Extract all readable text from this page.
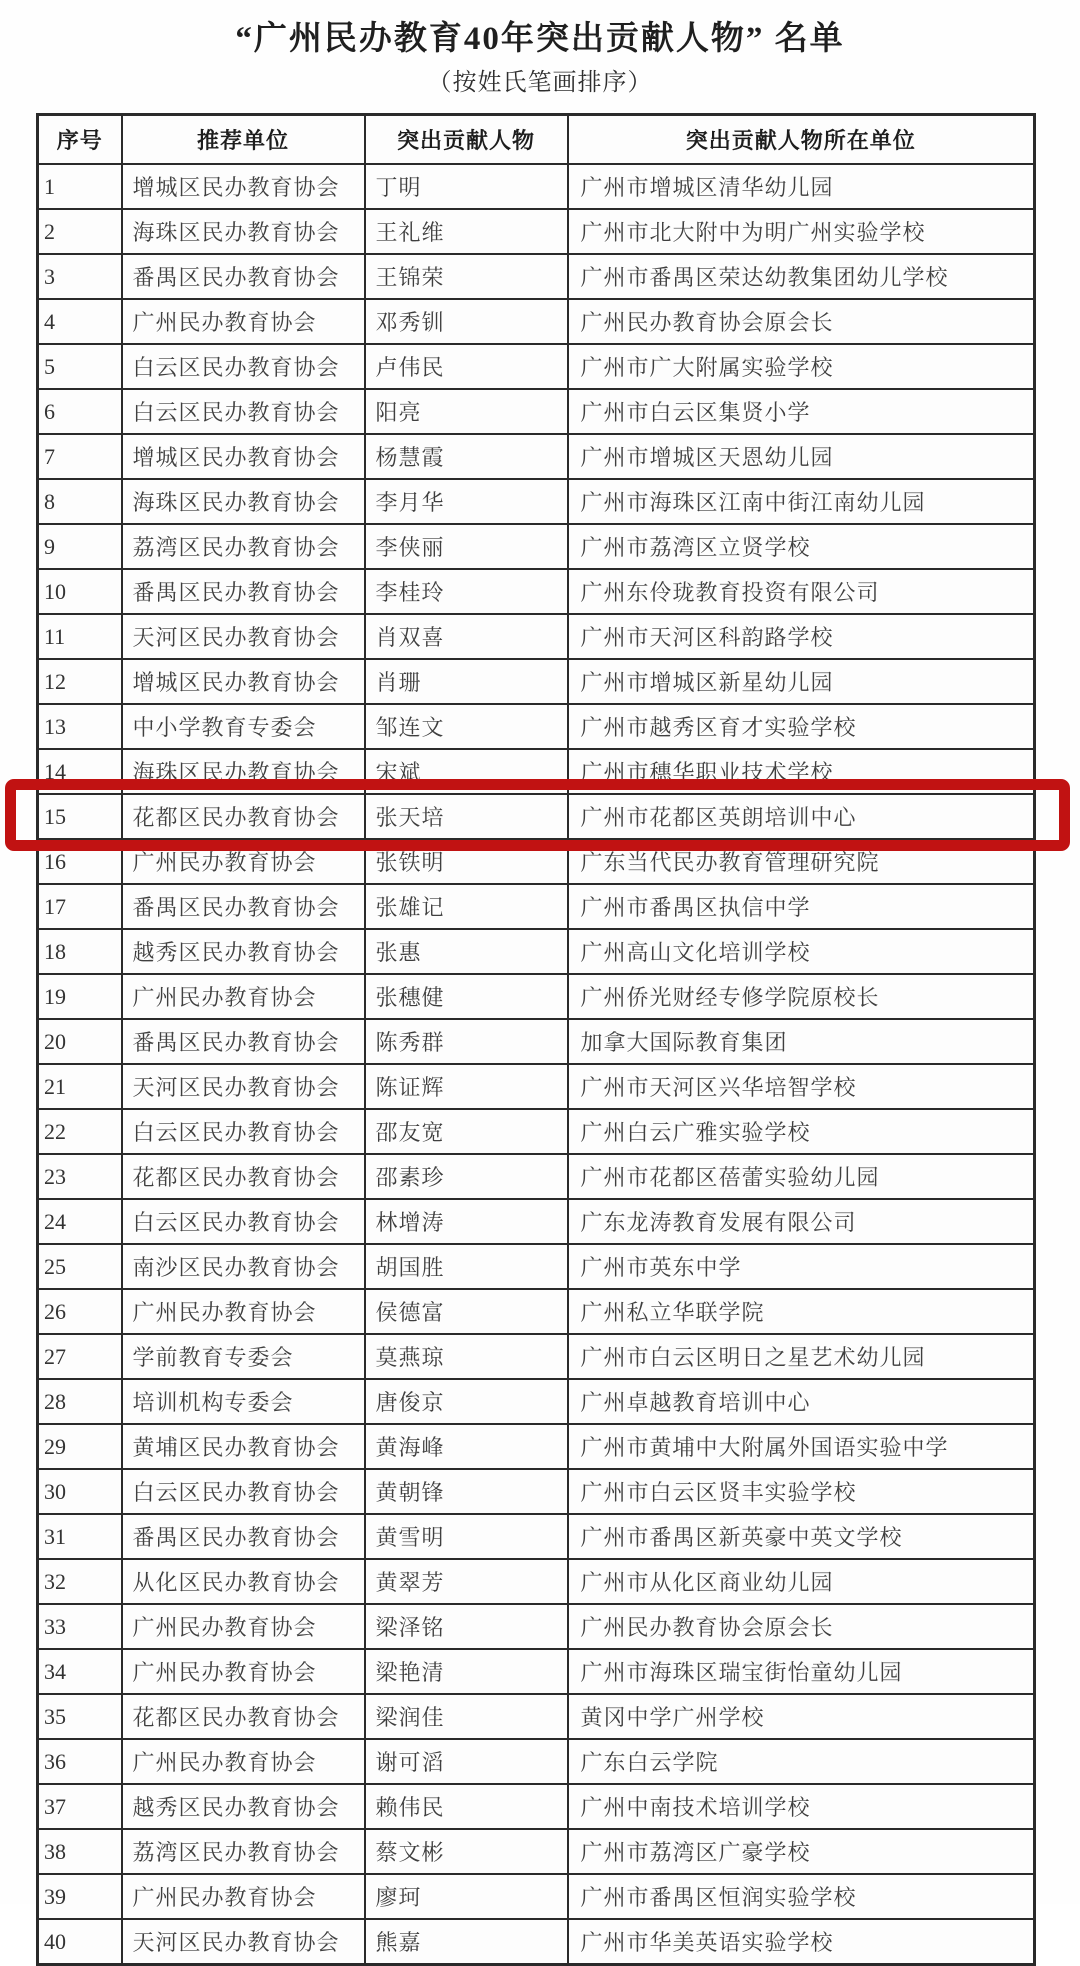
“广州民办教育40年突出贡献人物” 名单
（按姓氏笔画排序）
序号	推荐单位	突出贡献人物	突出贡献人物所在单位
1	增城区民办教育协会	丁明	广州市增城区清华幼儿园
2	海珠区民办教育协会	王礼维	广州市北大附中为明广州实验学校
3	番禺区民办教育协会	王锦荣	广州市番禺区荣达幼教集团幼儿学校
4	广州民办教育协会	邓秀钏	广州民办教育协会原会长
5	白云区民办教育协会	卢伟民	广州市广大附属实验学校
6	白云区民办教育协会	阳亮	广州市白云区集贤小学
7	增城区民办教育协会	杨慧霞	广州市增城区天恩幼儿园
8	海珠区民办教育协会	李月华	广州市海珠区江南中街江南幼儿园
9	荔湾区民办教育协会	李侠丽	广州市荔湾区立贤学校
10	番禺区民办教育协会	李桂玲	广州东伶珑教育投资有限公司
11	天河区民办教育协会	肖双喜	广州市天河区科韵路学校
12	增城区民办教育协会	肖珊	广州市增城区新星幼儿园
13	中小学教育专委会	邹连文	广州市越秀区育才实验学校
14	海珠区民办教育协会	宋斌	广州市穗华职业技术学校
15	花都区民办教育协会	张天培	广州市花都区英朗培训中心
16	广州民办教育协会	张铁明	广东当代民办教育管理研究院
17	番禺区民办教育协会	张雄记	广州市番禺区执信中学
18	越秀区民办教育协会	张惠	广州高山文化培训学校
19	广州民办教育协会	张穗健	广州侨光财经专修学院原校长
20	番禺区民办教育协会	陈秀群	加拿大国际教育集团
21	天河区民办教育协会	陈证辉	广州市天河区兴华培智学校
22	白云区民办教育协会	邵友宽	广州白云广雅实验学校
23	花都区民办教育协会	邵素珍	广州市花都区蓓蕾实验幼儿园
24	白云区民办教育协会	林增涛	广东龙涛教育发展有限公司
25	南沙区民办教育协会	胡国胜	广州市英东中学
26	广州民办教育协会	侯德富	广州私立华联学院
27	学前教育专委会	莫燕琼	广州市白云区明日之星艺术幼儿园
28	培训机构专委会	唐俊京	广州卓越教育培训中心
29	黄埔区民办教育协会	黄海峰	广州市黄埔中大附属外国语实验中学
30	白云区民办教育协会	黄朝锋	广州市白云区贤丰实验学校
31	番禺区民办教育协会	黄雪明	广州市番禺区新英豪中英文学校
32	从化区民办教育协会	黄翠芳	广州市从化区商业幼儿园
33	广州民办教育协会	梁泽铭	广州民办教育协会原会长
34	广州民办教育协会	梁艳清	广州市海珠区瑞宝街怡童幼儿园
35	花都区民办教育协会	梁润佳	黄冈中学广州学校
36	广州民办教育协会	谢可滔	广东白云学院
37	越秀区民办教育协会	赖伟民	广州中南技术培训学校
38	荔湾区民办教育协会	蔡文彬	广州市荔湾区广豪学校
39	广州民办教育协会	廖珂	广州市番禺区恒润实验学校
40	天河区民办教育协会	熊嘉	广州市华美英语实验学校
